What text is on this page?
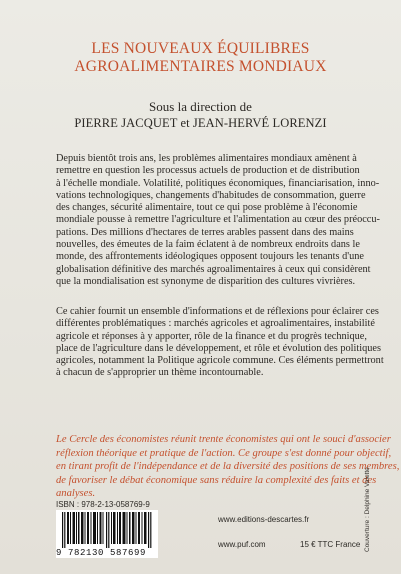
LES NOUVEAUX ÉQUILIBRES
AGROALIMENTAIRES MONDIAUX
Sous la direction de
PIERRE JACQUET et JEAN-HERVÉ LORENZI
Depuis bientôt trois ans, les problèmes alimentaires mondiaux amènent à
remettre en question les processus actuels de production et de distribution
à l'échelle mondiale. Volatilité, politiques économiques, financiarisation, inno-
vations technologiques, changements d'habitudes de consommation, guerre
des changes, sécurité alimentaire, tout ce qui pose problème à l'économie
mondiale pousse à remettre l'agriculture et l'alimentation au cœur des préoccu-
pations. Des millions d'hectares de terres arables passent dans des mains
nouvelles, des émeutes de la faim éclatent à de nombreux endroits dans le
monde, des affrontements idéologiques opposent toujours les tenants d'une
globalisation définitive des marchés agroalimentaires à ceux qui considèrent
que la mondialisation est synonyme de disparition des cultures vivrières.
Ce cahier fournit un ensemble d'informations et de réflexions pour éclairer ces
différentes problématiques : marchés agricoles et agroalimentaires, instabilité
agricole et réponses à y apporter, rôle de la finance et du progrès technique,
place de l'agriculture dans le développement, et rôle et évolution des politiques
agricoles, notamment la Politique agricole commune. Ces éléments permettront
à chacun de s'approprier un thème incontournable.
Le Cercle des économistes réunit trente économistes qui ont le souci d'associer
réflexion théorique et pratique de l'action. Ce groupe s'est donné pour objectif,
en tirant profit de l'indépendance et de la diversité des positions de ses membres,
de favoriser le débat économique sans réduire la complexité des faits et des
analyses.
ISBN : 978-2-13-058769-9
9 782130 587699
www.editions-descartes.fr
www.puf.com	15 € TTC France Couverture : Delphine Valette
